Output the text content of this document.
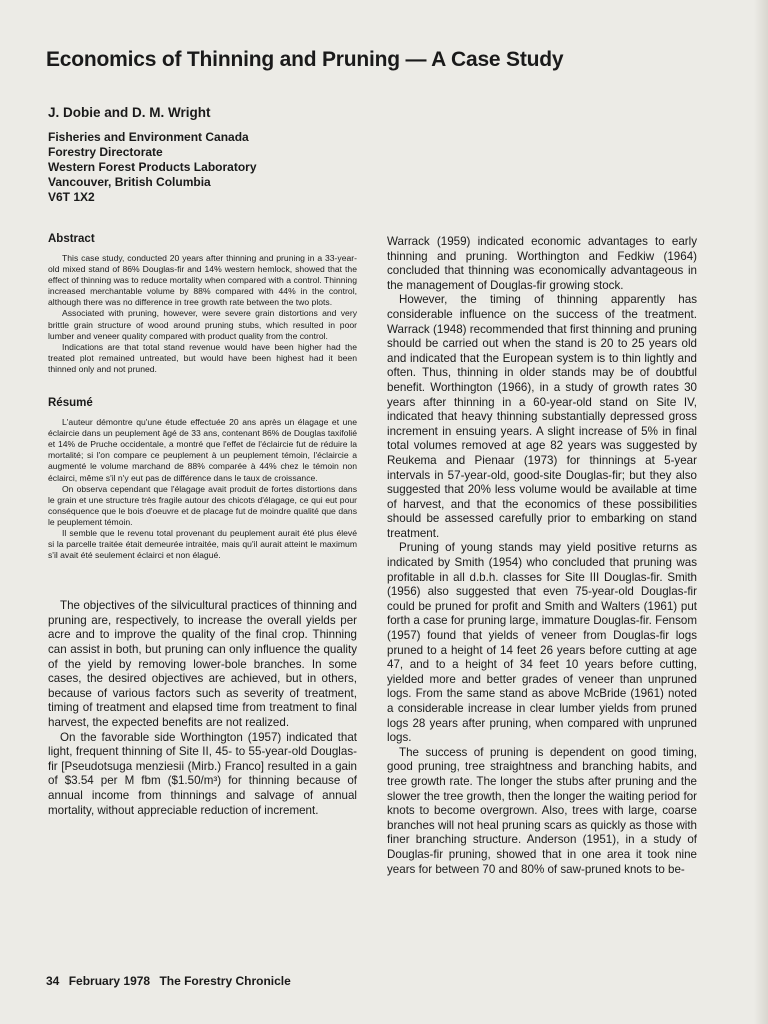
Economics of Thinning and Pruning — A Case Study

J. Dobie and D. M. Wright

Fisheries and Environment Canada
Forestry Directorate
Western Forest Products Laboratory
Vancouver, British Columbia
V6T 1X2
Abstract

This case study, conducted 20 years after thinning and pruning in a 33-year-old mixed stand of 86% Douglas-fir and 14% western hemlock, showed that the effect of thinning was to reduce mortality when compared with a control. Thinning increased merchantable volume by 88% compared with 44% in the control, although there was no difference in tree growth rate between the two plots.

Associated with pruning, however, were severe grain distortions and very brittle grain structure of wood around pruning stubs, which resulted in poor lumber and veneer quality compared with product quality from the control.

Indications are that total stand revenue would have been higher had the treated plot remained untreated, but would have been highest had it been thinned only and not pruned.

Résumé

L'auteur démontre qu'une étude effectuée 20 ans après un élagage et une éclaircie dans un peuplement âgé de 33 ans, contenant 86% de Douglas taxifolié et 14% de Pruche occidentale, a montré que l'effet de l'éclaircie fut de réduire la mortalité; si l'on compare ce peuplement à un peuplement témoin, l'éclaircie a augmenté le volume marchand de 88% comparée à 44% chez le témoin non éclairci, même s'il n'y eut pas de différence dans le taux de croissance.

On observa cependant que l'élagage avait produit de fortes distortions dans le grain et une structure très fragile autour des chicots d'élagage, ce qui eut pour conséquence que le bois d'oeuvre et de placage fut de moindre qualité que dans le peuplement témoin.

Il semble que le revenu total provenant du peuplement aurait été plus élevé si la parcelle traitée était demeurée intraitée, mais qu'il aurait atteint le maximum s'il avait été seulement éclairci et non élagué.

The objectives of the silvicultural practices of thinning and pruning are, respectively, to increase the overall yields per acre and to improve the quality of the final crop. Thinning can assist in both, but pruning can only influence the quality of the yield by removing lower-bole branches. In some cases, the desired objectives are achieved, but in others, because of various factors such as severity of treatment, timing of treatment and elapsed time from treatment to final harvest, the expected benefits are not realized.

On the favorable side Worthington (1957) indicated that light, frequent thinning of Site II, 45- to 55-year-old Douglas-fir [Pseudotsuga menziesii (Mirb.) Franco] resulted in a gain of $3.54 per M fbm ($1.50/m³) for thinning because of annual income from thinnings and salvage of annual mortality, without appreciable reduction of increment.

Warrack (1959) indicated economic advantages to early thinning and pruning. Worthington and Fedkiw (1964) concluded that thinning was economically advantageous in the management of Douglas-fir growing stock.

However, the timing of thinning apparently has considerable influence on the success of the treatment. Warrack (1948) recommended that first thinning and pruning should be carried out when the stand is 20 to 25 years old and indicated that the European system is to thin lightly and often. Thus, thinning in older stands may be of doubtful benefit. Worthington (1966), in a study of growth rates 30 years after thinning in a 60-year-old stand on Site IV, indicated that heavy thinning substantially depressed gross increment in ensuing years. A slight increase of 5% in final total volumes removed at age 82 years was suggested by Reukema and Pienaar (1973) for thinnings at 5-year intervals in 57-year-old, good-site Douglas-fir; but they also suggested that 20% less volume would be available at time of harvest, and that the economics of these possibilities should be assessed carefully prior to embarking on stand treatment.

Pruning of young stands may yield positive returns as indicated by Smith (1954) who concluded that pruning was profitable in all d.b.h. classes for Site III Douglas-fir. Smith (1956) also suggested that even 75-year-old Douglas-fir could be pruned for profit and Smith and Walters (1961) put forth a case for pruning large, immature Douglas-fir. Fensom (1957) found that yields of veneer from Douglas-fir logs pruned to a height of 14 feet 26 years before cutting at age 47, and to a height of 34 feet 10 years before cutting, yielded more and better grades of veneer than unpruned logs. From the same stand as above McBride (1961) noted a considerable increase in clear lumber yields from pruned logs 28 years after pruning, when compared with unpruned logs.

The success of pruning is dependent on good timing, good pruning, tree straightness and branching habits, and tree growth rate. The longer the stubs after pruning and the slower the tree growth, then the longer the waiting period for knots to become overgrown. Also, trees with large, coarse branches will not heal pruning scars as quickly as those with finer branching structure. Anderson (1951), in a study of Douglas-fir pruning, showed that in one area it took nine years for between 70 and 80% of saw-pruned knots to be-

34 February 1978 The Forestry Chronicle
